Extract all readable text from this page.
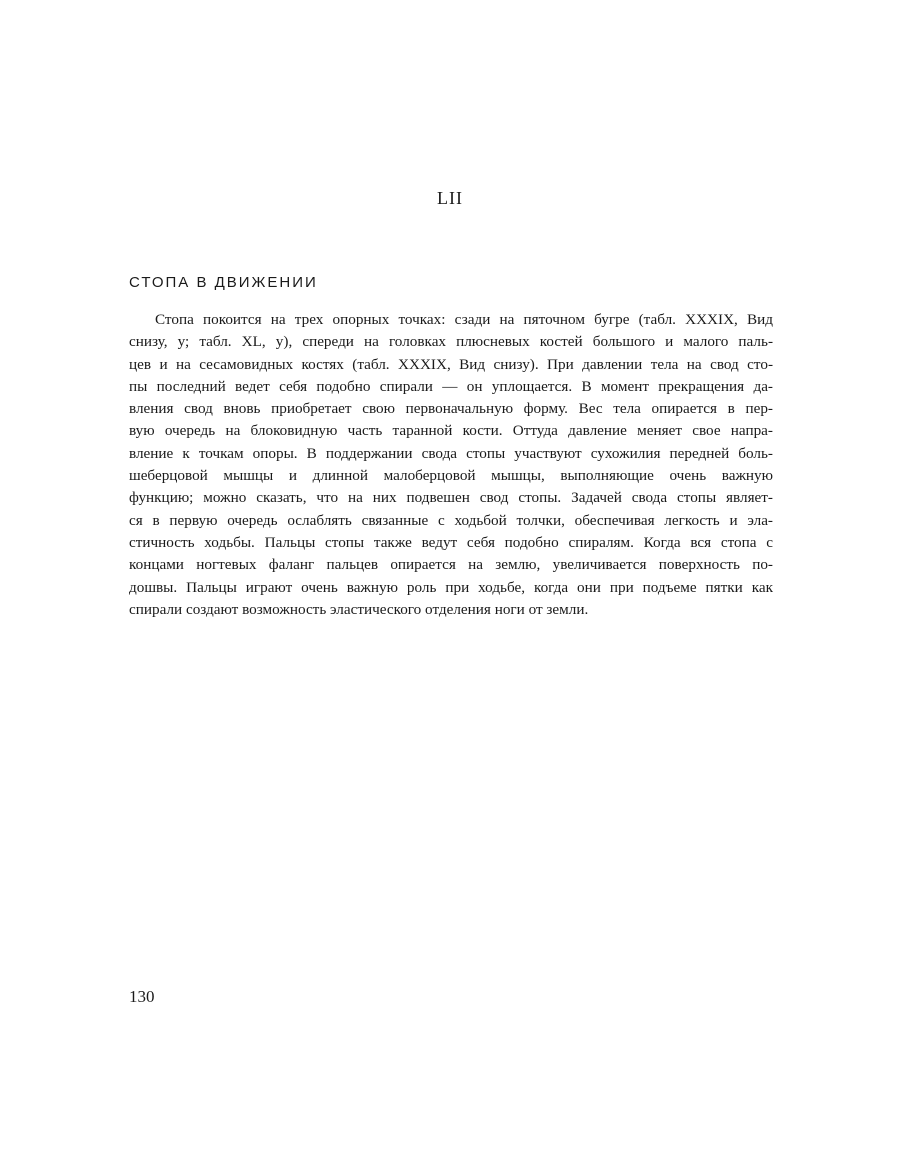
LII
СТОПА В ДВИЖЕНИИ
Стопа покоится на трех опорных точках: сзади на пяточном бугре (табл. XXXIX, Вид
снизу, у; табл. XL, у), спереди на головках плюсневых костей большого и малого паль-
цев и на сесамовидных костях (табл. XXXIX, Вид снизу). При давлении тела на свод сто-
пы последний ведет себя подобно спирали — он уплощается. В момент прекращения да-
вления свод вновь приобретает свою первоначальную форму. Вес тела опирается в пер-
вую очередь на блоковидную часть таранной кости. Оттуда давление меняет свое напра-
вление к точкам опоры. В поддержании свода стопы участвуют сухожилия передней боль-
шеберцовой мышцы и длинной малоберцовой мышцы, выполняющие очень важную
функцию; можно сказать, что на них подвешен свод стопы. Задачей свода стопы являет-
ся в первую очередь ослаблять связанные с ходьбой толчки, обеспечивая легкость и эла-
стичность ходьбы. Пальцы стопы также ведут себя подобно спиралям. Когда вся стопа с
концами ногтевых фаланг пальцев опирается на землю, увеличивается поверхность по-
дошвы. Пальцы играют очень важную роль при ходьбе, когда они при подъеме пятки как
спирали создают возможность эластического отделения ноги от земли.
130
